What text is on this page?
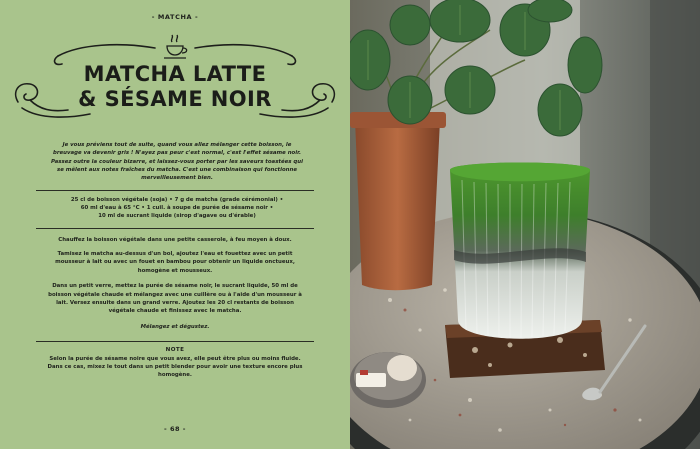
- MATCHA -
MATCHA LATTE
& SÉSAME NOIR
Je vous préviens tout de suite, quand vous allez mélanger cette boisson, le breuvage va devenir gris ! N'ayez pas peur c'est normal, c'est l'effet sésame noir. Passez outre la couleur bizarre, et laissez-vous porter par les saveurs toastées qui se mêlent aux notes fraîches du matcha. C'est une combinaison qui fonctionne merveilleusement bien.
25 cl de boisson végétale (soja) • 7 g de matcha (grade cérémonial) •
60 ml d'eau à 65 °C • 1 cuil. à soupe de purée de sésame noir •
10 ml de sucrant liquide (sirop d'agave ou d'érable)

Chauffez la boisson végétale dans une petite casserole, à feu moyen à doux.

Tamisez le matcha au-dessus d'un bol, ajoutez l'eau et fouettez avec un petit mousseur à lait ou avec un fouet en bambou pour obtenir un liquide onctueux, homogène et mousseux.

Dans un petit verre, mettez la purée de sésame noir, le sucrant liquide, 50 ml de boisson végétale chaude et mélangez avec une cuillère ou à l'aide d'un mousseur à lait. Versez ensuite dans un grand verre. Ajoutez les 20 cl restants de boisson végétale chaude et finissez avec le matcha.

Mélangez et dégustez.

NOTE
Selon la purée de sésame noire que vous avez, elle peut être plus ou moins fluide. Dans ce cas, mixez le tout dans un petit blender pour avoir une texture encore plus homogène.
- 68 -
